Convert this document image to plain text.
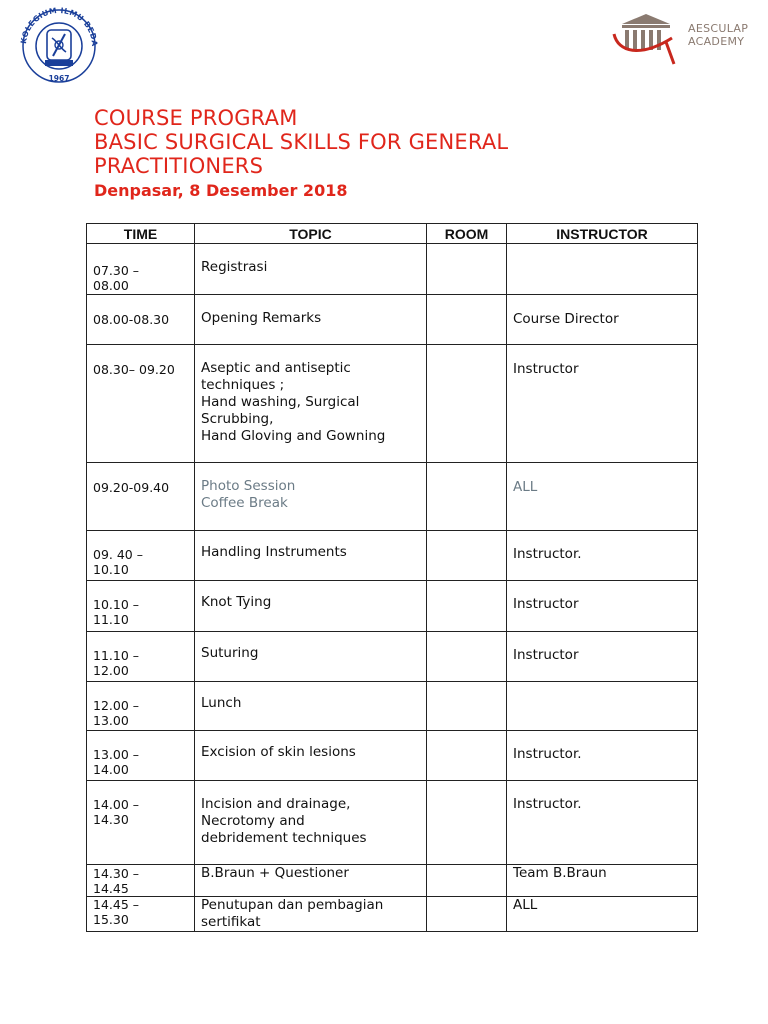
KOLEGIUM ILMU BEDA
1967
AESCULAP
ACADEMY
COURSE PROGRAM
BASIC SURGICAL SKILLS FOR GENERAL
PRACTITIONERS
Denpasar, 8 Desember 2018
TIME	TOPIC	ROOM	INSTRUCTOR

07.30 –
08.00	Registrasi		

08.00-08.30	Opening Remarks		Course Director

08.30– 09.20	Aseptic and antiseptic
techniques ;
Hand washing, Surgical
Scrubbing,
Hand Gloving and Gowning		Instructor

09.20-09.40	Photo Session
Coffee Break		ALL

09. 40 –
10.10	Handling Instruments		Instructor.

10.10 –
11.10	Knot Tying		Instructor

11.10 –
12.00	Suturing		Instructor

12.00 –
13.00	Lunch		

13.00 –
14.00	Excision of skin lesions		Instructor.

14.00 –
14.30	Incision and drainage,
Necrotomy and
debridement techniques		Instructor.

14.30 –
14.45	B.Braun + Questioner		Team B.Braun

14.45 –
15.30	Penutupan dan pembagian
sertifikat		ALL
